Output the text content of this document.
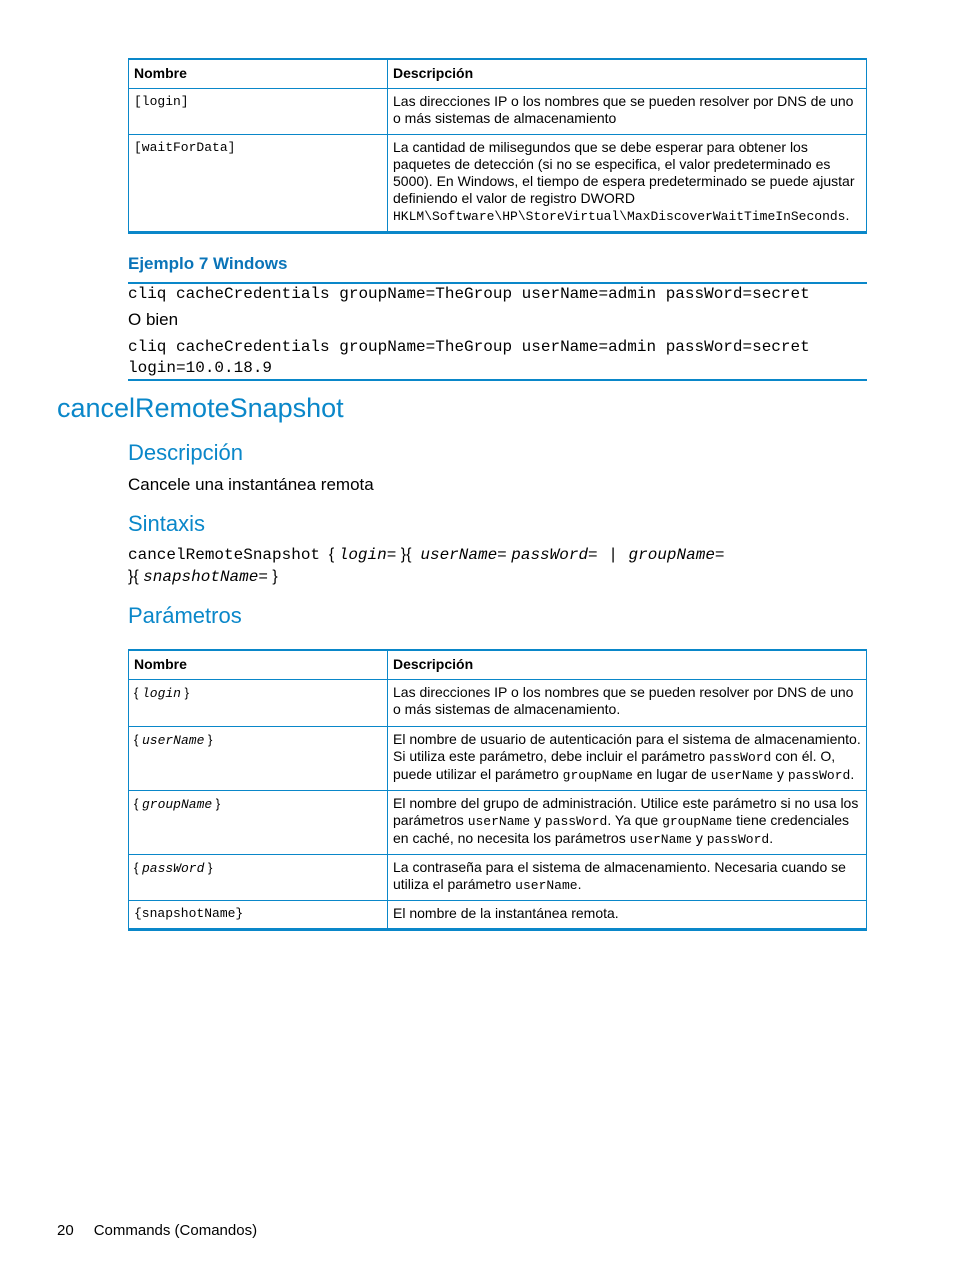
Nombre	Descripción
[login]	Las direcciones IP o los nombres que se pueden resolver por DNS de uno o más sistemas de almacenamiento
[waitForData]	La cantidad de milisegundos que se debe esperar para obtener los paquetes de detección (si no se especifica, el valor predeterminado es 5000). En Windows, el tiempo de espera predeterminado se puede ajustar definiendo el valor de registro DWORD HKLM\Software\HP\StoreVirtual\MaxDiscoverWaitTimeInSeconds.
Ejemplo 7 Windows
cliq cacheCredentials groupName=TheGroup userName=admin passWord=secret
O bien
cliq cacheCredentials groupName=TheGroup userName=admin passWord=secret
login=10.0.18.9
cancelRemoteSnapshot
Descripción
Cancele una instantánea remota
Sintaxis
cancelRemoteSnapshot { login= }{ userName= passWord= | groupName=
}{ snapshotName= }
Parámetros
Nombre	Descripción
{ login }	Las direcciones IP o los nombres que se pueden resolver por DNS de uno o más sistemas de almacenamiento.
{ userName }	El nombre de usuario de autenticación para el sistema de almacenamiento. Si utiliza este parámetro, debe incluir el parámetro passWord con él. O, puede utilizar el parámetro groupName en lugar de userName y passWord.
{ groupName }	El nombre del grupo de administración. Utilice este parámetro si no usa los parámetros userName y passWord. Ya que groupName tiene credenciales en caché, no necesita los parámetros userName y passWord.
{ passWord }	La contraseña para el sistema de almacenamiento. Necesaria cuando se utiliza el parámetro userName.
{snapshotName}	El nombre de la instantánea remota.
20 Commands (Comandos)
